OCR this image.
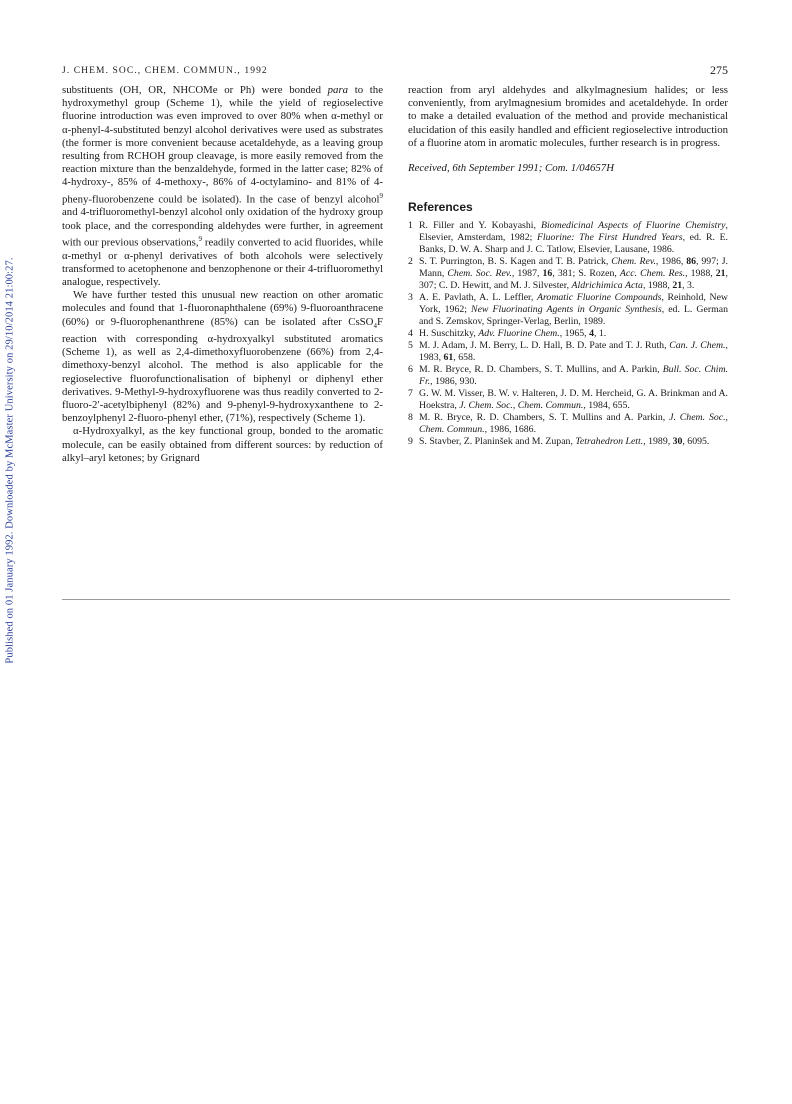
Published on 01 January 1992. Downloaded by McMaster University on 29/10/2014 21:00:27.
J. CHEM. SOC., CHEM. COMMUN., 1992	275

substituents (OH, OR, NHCOMe or Ph) were bonded para to the hydroxymethyl group (Scheme 1), while the yield of regioselective fluorine introduction was even improved to over 80% when α-methyl or α-phenyl-4-substituted benzyl alcohol derivatives were used as substrates (the former is more convenient because acetaldehyde, as a leaving group resulting from RCHOH group cleavage, is more easily removed from the reaction mixture than the benzaldehyde, formed in the latter case; 82% of 4-hydroxy-, 85% of 4-methoxy-, 86% of 4-octylamino- and 81% of 4-pheny-fluorobenzene could be isolated). In the case of benzyl alcohol$^9$ and 4-trifluoromethyl-benzyl alcohol only oxidation of the hydroxy group took place, and the corresponding aldehydes were further, in agreement with our previous observations,$^9$ readily converted to acid fluorides, while α-methyl or α-phenyl derivatives of both alcohols were selectively transformed to acetophenone and benzophenone or their 4-trifluoromethyl analogue, respectively.

We have further tested this unusual new reaction on other aromatic molecules and found that 1-fluoronaphthalene (69%) 9-fluoroanthracene (60%) or 9-fluorophenanthrene (85%) can be isolated after CsSO$_4$F reaction with corresponding α-hydroxyalkyl substituted aromatics (Scheme 1), as well as 2,4-dimethoxyfluorobenzene (66%) from 2,4-dimethoxy-benzyl alcohol. The method is also applicable for the regioselective fluorofunctionalisation of biphenyl or diphenyl ether derivatives. 9-Methyl-9-hydroxyfluorene was thus readily converted to 2-fluoro-2′-acetylbiphenyl (82%) and 9-phenyl-9-hydroxyxanthene to 2-benzoylphenyl 2-fluoro-phenyl ether, (71%), respectively (Scheme 1).

α-Hydroxyalkyl, as the key functional group, bonded to the aromatic molecule, can be easily obtained from different sources: by reduction of alkyl–aryl ketones; by Grignard

reaction from aryl aldehydes and alkylmagnesium halides; or less conveniently, from arylmagnesium bromides and acetaldehyde. In order to make a detailed evaluation of the method and provide mechanistical elucidation of this easily handled and efficient regioselective introduction of a fluorine atom in aromatic molecules, further research is in progress.

Received, 6th September 1991; Com. 1/04657H

References

1 R. Filler and Y. Kobayashi, Biomedicinal Aspects of Fluorine Chemistry, Elsevier, Amsterdam, 1982; Fluorine: The First Hundred Years, ed. R. E. Banks, D. W. A. Sharp and J. C. Tatlow, Elsevier, Lausane, 1986.
2 S. T. Purrington, B. S. Kagen and T. B. Patrick, Chem. Rev., 1986, 86, 997; J. Mann, Chem. Soc. Rev., 1987, 16, 381; S. Rozen, Acc. Chem. Res., 1988, 21, 307; C. D. Hewitt, and M. J. Silvester, Aldrichimica Acta, 1988, 21, 3.
3 A. E. Pavlath, A. L. Leffler, Aromatic Fluorine Compounds, Reinhold, New York, 1962; New Fluorinating Agents in Organic Synthesis, ed. L. German and S. Zemskov, Springer-Verlag, Berlin, 1989.
4 H. Suschitzky, Adv. Fluorine Chem., 1965, 4, 1.
5 M. J. Adam, J. M. Berry, L. D. Hall, B. D. Pate and T. J. Ruth, Can. J. Chem., 1983, 61, 658.
6 M. R. Bryce, R. D. Chambers, S. T. Mullins, and A. Parkin, Bull. Soc. Chim. Fr., 1986, 930.
7 G. W. M. Visser, B. W. v. Halteren, J. D. M. Hercheid, G. A. Brinkman and A. Hoekstra, J. Chem. Soc., Chem. Commun., 1984, 655.
8 M. R. Bryce, R. D. Chambers, S. T. Mullins and A. Parkin, J. Chem. Soc., Chem. Commun., 1986, 1686.
9 S. Stavber, Z. Planinšek and M. Zupan, Tetrahedron Lett., 1989, 30, 6095.
